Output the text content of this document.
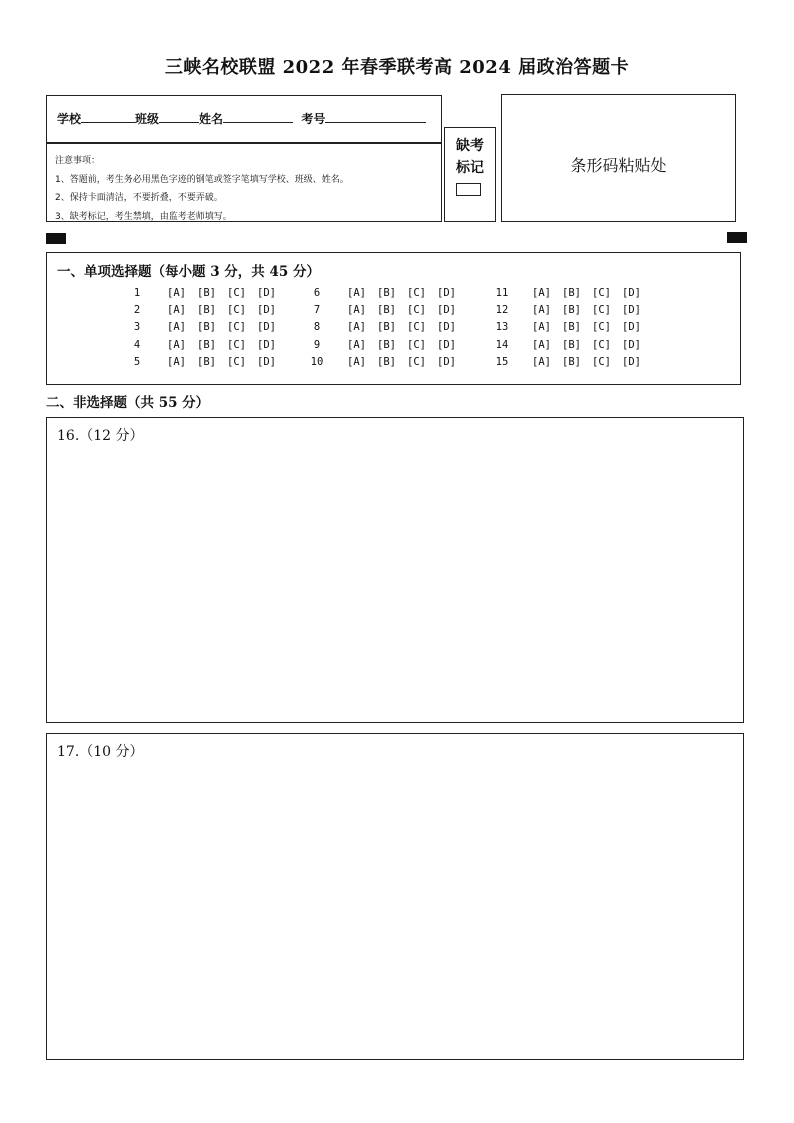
三峡名校联盟 2022 年春季联考高 2024 届政治答题卡
学校	班级	姓名	考号
注意事项：
1、答题前，考生务必用黑色字迹的钢笔或签字笔填写学校、班级、姓名。
2、保持卡面清洁，不要折叠，不要弄破。
3、缺考标记，考生禁填，由监考老师填写。
缺考
标记	条形码粘贴处
一、单项选择题（每小题 3 分，共 45 分）
1	[A] [B] [C] [D]
2	[A] [B] [C] [D]
3	[A] [B] [C] [D]
4	[A] [B] [C] [D]
5	[A] [B] [C] [D]
6	[A] [B] [C] [D]
7	[A] [B] [C] [D]
8	[A] [B] [C] [D]
9	[A] [B] [C] [D]
10 [A] [B] [C] [D]
11 [A] [B] [C] [D]
12 [A] [B] [C] [D]
13 [A] [B] [C] [D]
14 [A] [B] [C] [D]
15 [A] [B] [C] [D]
二、非选择题（共 55 分）
16.（12 分）
17.（10 分）
